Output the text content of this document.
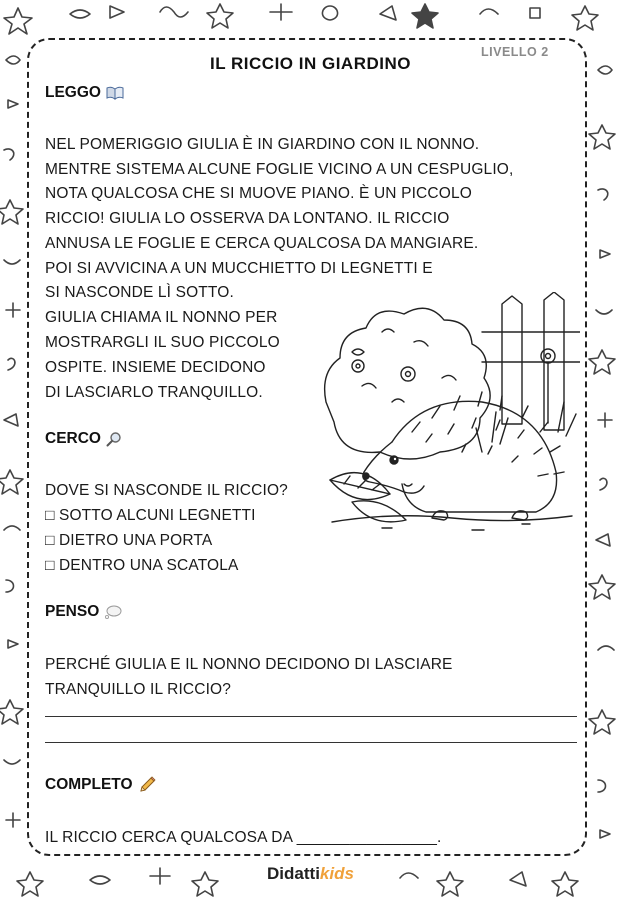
IL RICCIO IN GIARDINO
LIVELLO 2
LEGGO
NEL POMERIGGIO GIULIA È IN GIARDINO CON IL NONNO.
MENTRE SISTEMA ALCUNE FOGLIE VICINO A UN CESPUGLIO,
NOTA QUALCOSA CHE SI MUOVE PIANO. È UN PICCOLO
RICCIO! GIULIA LO OSSERVA DA LONTANO. IL RICCIO
ANNUSA LE FOGLIE E CERCA QUALCOSA DA MANGIARE.
POI SI AVVICINA A UN MUCCHIETTO DI LEGNETTI E
SI NASCONDE LÌ SOTTO.
GIULIA CHIAMA IL NONNO PER
MOSTRARGLI IL SUO PICCOLO
OSPITE. INSIEME DECIDONO
DI LASCIARLO TRANQUILLO.
CERCO
DOVE SI NASCONDE IL RICCIO?
□ SOTTO ALCUNI LEGNETTI
□ DIETRO UNA PORTA
□ DENTRO UNA SCATOLA
PENSO
PERCHÉ GIULIA E IL NONNO DECIDONO DI LASCIARE
TRANQUILLO IL RICCIO?
COMPLETO
IL RICCIO CERCA QUALCOSA DA ________________.
Didattikids
